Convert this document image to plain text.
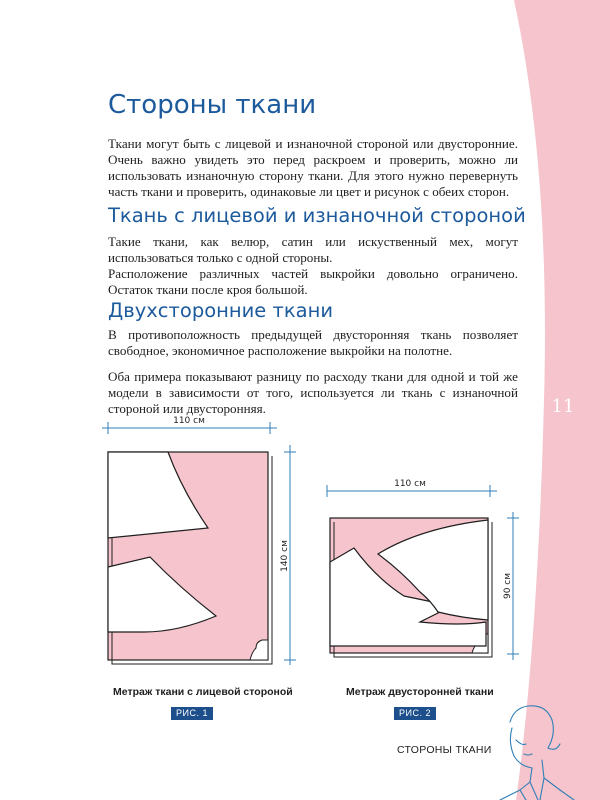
11
Стороны ткани

Ткани могут быть с лицевой и изнаночной стороной или двусторонние. Очень важно увидеть это перед раскроем и проверить, можно ли использовать изнаночную сторону ткани. Для этого нужно перевернуть часть ткани и проверить, одинаковые ли цвет и рисунок с обеих сторон.

Ткань с лицевой и изнаночной стороной

Такие ткани, как велюр, сатин или искуственный мех, могут использоваться только с одной стороны.

Расположение различных частей выкройки довольно ограничено. Остаток ткани после кроя большой.

Двухсторонние ткани

В противоположность предыдущей двусторонняя ткань позволяет свободное, экономичное расположение выкройки на полотне.

Оба примера показывают разницу по расходу ткани для одной и той же модели в зависимости от того, используется ли ткань с изнаночной стороной или двусторонняя.

110 см
140 см
110 см
90 см
Метраж ткани с лицевой стороной
РИС. 1
Метраж двусторонней ткани
РИС. 2
СТОРОНЫ ТКАНИ
